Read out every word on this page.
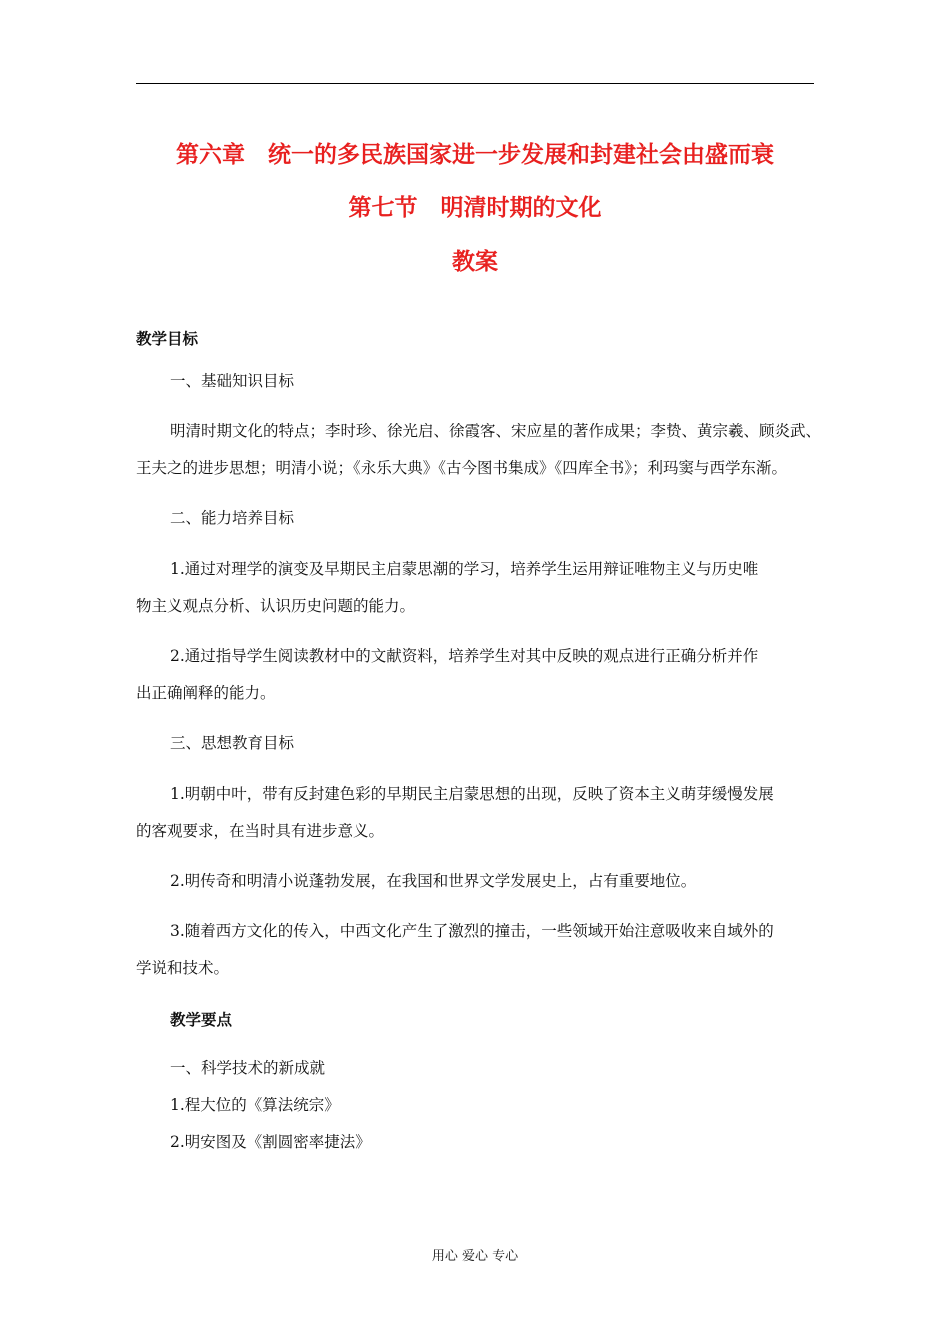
第六章　统一的多民族国家进一步发展和封建社会由盛而衰
第七节　明清时期的文化
教案
教学目标
一、基础知识目标
明清时期文化的特点；李时珍、徐光启、徐霞客、宋应星的著作成果；李贽、黄宗羲、顾炎武、
王夫之的进步思想；明清小说；《永乐大典》《古今图书集成》《四库全书》；利玛窦与西学东渐。
二、能力培养目标
1.通过对理学的演变及早期民主启蒙思潮的学习，培养学生运用辩证唯物主义与历史唯
物主义观点分析、认识历史问题的能力。
2.通过指导学生阅读教材中的文献资料，培养学生对其中反映的观点进行正确分析并作
出正确阐释的能力。
三、思想教育目标
1.明朝中叶，带有反封建色彩的早期民主启蒙思想的出现，反映了资本主义萌芽缓慢发展
的客观要求，在当时具有进步意义。
2.明传奇和明清小说蓬勃发展，在我国和世界文学发展史上，占有重要地位。
3.随着西方文化的传入，中西文化产生了激烈的撞击，一些领域开始注意吸收来自域外的
学说和技术。
教学要点
一、科学技术的新成就
1.程大位的《算法统宗》
2.明安图及《割圆密率捷法》
用心 爱心 专心
